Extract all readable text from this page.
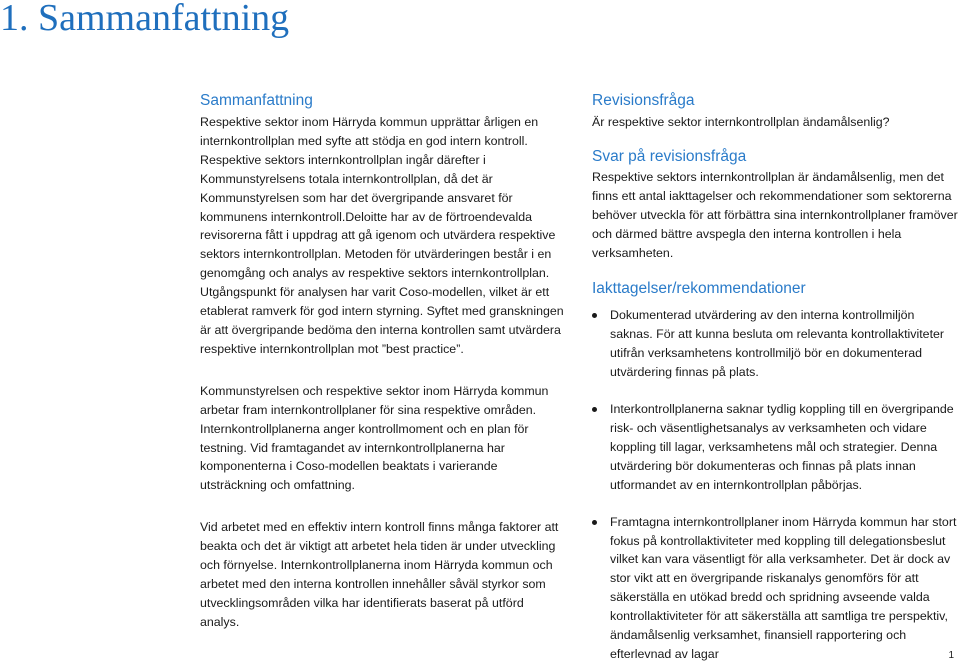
1. Sammanfattning
Sammanfattning

Respektive sektor inom Härryda kommun upprättar årligen en internkontrollplan med syfte att stödja en god intern kontroll. Respektive sektors internkontrollplan ingår därefter i Kommunstyrelsens totala internkontrollplan, då det är Kommunstyrelsen som har det övergripande ansvaret för kommunens internkontroll.Deloitte har av de förtroendevalda revisorerna fått i uppdrag att gå igenom och utvärdera respektive sektors internkontrollplan. Metoden för utvärderingen består i en genomgång och analys av respektive sektors internkontrollplan. Utgångspunkt för analysen har varit Coso-modellen, vilket är ett etablerat ramverk för god intern styrning. Syftet med granskningen är att övergripande bedöma den interna kontrollen samt utvärdera respektive internkontrollplan mot ”best practice”.

Kommunstyrelsen och respektive sektor inom Härryda kommun arbetar fram internkontrollplaner för sina respektive områden. Internkontrollplanerna anger kontrollmoment och en plan för testning. Vid framtagandet av internkontrollplanerna har komponenterna i Coso-modellen beaktats i varierande utsträckning och omfattning.

Vid arbetet med en effektiv intern kontroll finns många faktorer att beakta och det är viktigt att arbetet hela tiden är under utveckling och förnyelse. Internkontrollplanerna inom Härryda kommun och arbetet med den interna kontrollen innehåller såväl styrkor som utvecklingsområden vilka har identifierats baserat på utförd analys.

Revisionsfråga

Är respektive sektor internkontrollplan ändamålsenlig?

Svar på revisionsfråga

Respektive sektors internkontrollplan är ändamålsenlig, men det finns ett antal iakttagelser och rekommendationer som sektorerna behöver utveckla för att förbättra sina internkontrollplaner framöver och därmed bättre avspegla den interna kontrollen i hela verksamheten.

Iakttagelser/rekommendationer
Dokumenterad utvärdering av den interna kontrollmiljön saknas. För att kunna besluta om relevanta kontrollaktiviteter utifrån verksamhetens kontrollmiljö bör en dokumenterad utvärdering finnas på plats.
Interkontrollplanerna saknar tydlig koppling till en övergripande risk- och väsentlighetsanalys av verksamheten och vidare koppling till lagar, verksamhetens mål och strategier. Denna utvärdering bör dokumenteras och finnas på plats innan utformandet av en internkontrollplan påbörjas.
Framtagna internkontrollplaner inom Härryda kommun har stort fokus på kontrollaktiviteter med koppling till delegationsbeslut vilket kan vara väsentligt för alla verksamheter. Det är dock av stor vikt att en övergripande riskanalys genomförs för att säkerställa en utökad bredd och spridning avseende valda kontrollaktiviteter för att säkerställa att samtliga tre perspektiv, ändamålsenlig verksamhet, finansiell rapportering och efterlevnad av lagar	1
